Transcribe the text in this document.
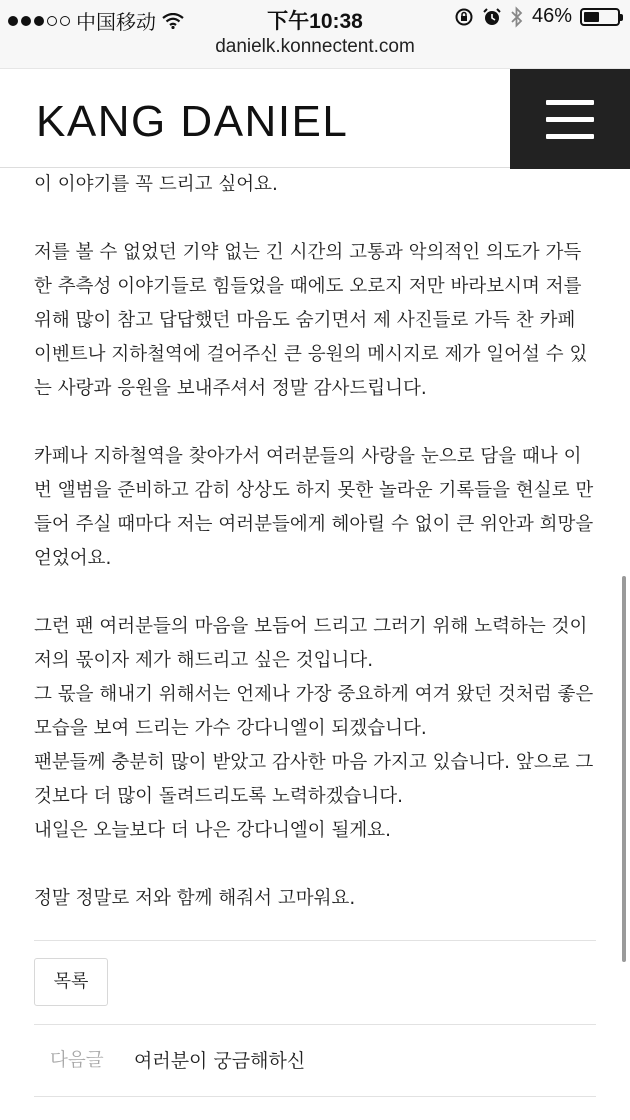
中国移动	下午10:38	46%
danielk.konnectent.com
KANG DANIEL

이 이야기를 꼭 드리고 싶어요.

저를 볼 수 없었던 기약 없는 긴 시간의 고통과 악의적인 의도가 가득한 추측성 이야기들로 힘들었을 때에도 오로지 저만 바라보시며 저를 위해 많이 참고 답답했던 마음도 숨기면서 제 사진들로 가득 찬 카페 이벤트나 지하철역에 걸어주신 큰 응원의 메시지로 제가 일어설 수 있는 사랑과 응원을 보내주셔서 정말 감사드립니다.

카페나 지하철역을 찾아가서 여러분들의 사랑을 눈으로 담을 때나 이번 앨범을 준비하고 감히 상상도 하지 못한 놀라운 기록들을 현실로 만들어 주실 때마다 저는 여러분들에게 헤아릴 수 없이 큰 위안과 희망을 얻었어요.

그런 팬 여러분들의 마음을 보듬어 드리고 그러기 위해 노력하는 것이 저의 몫이자 제가 해드리고 싶은 것입니다.
그 몫을 해내기 위해서는 언제나 가장 중요하게 여겨 왔던 것처럼 좋은 모습을 보여 드리는 가수 강다니엘이 되겠습니다.
팬분들께 충분히 많이 받았고 감사한 마음 가지고 있습니다. 앞으로 그것보다 더 많이 돌려드리도록 노력하겠습니다.
내일은 오늘보다 더 나은 강다니엘이 될게요.

정말 정말로 저와 함께 해줘서 고마워요.

목록
다음글 여러분이 궁금해하신
